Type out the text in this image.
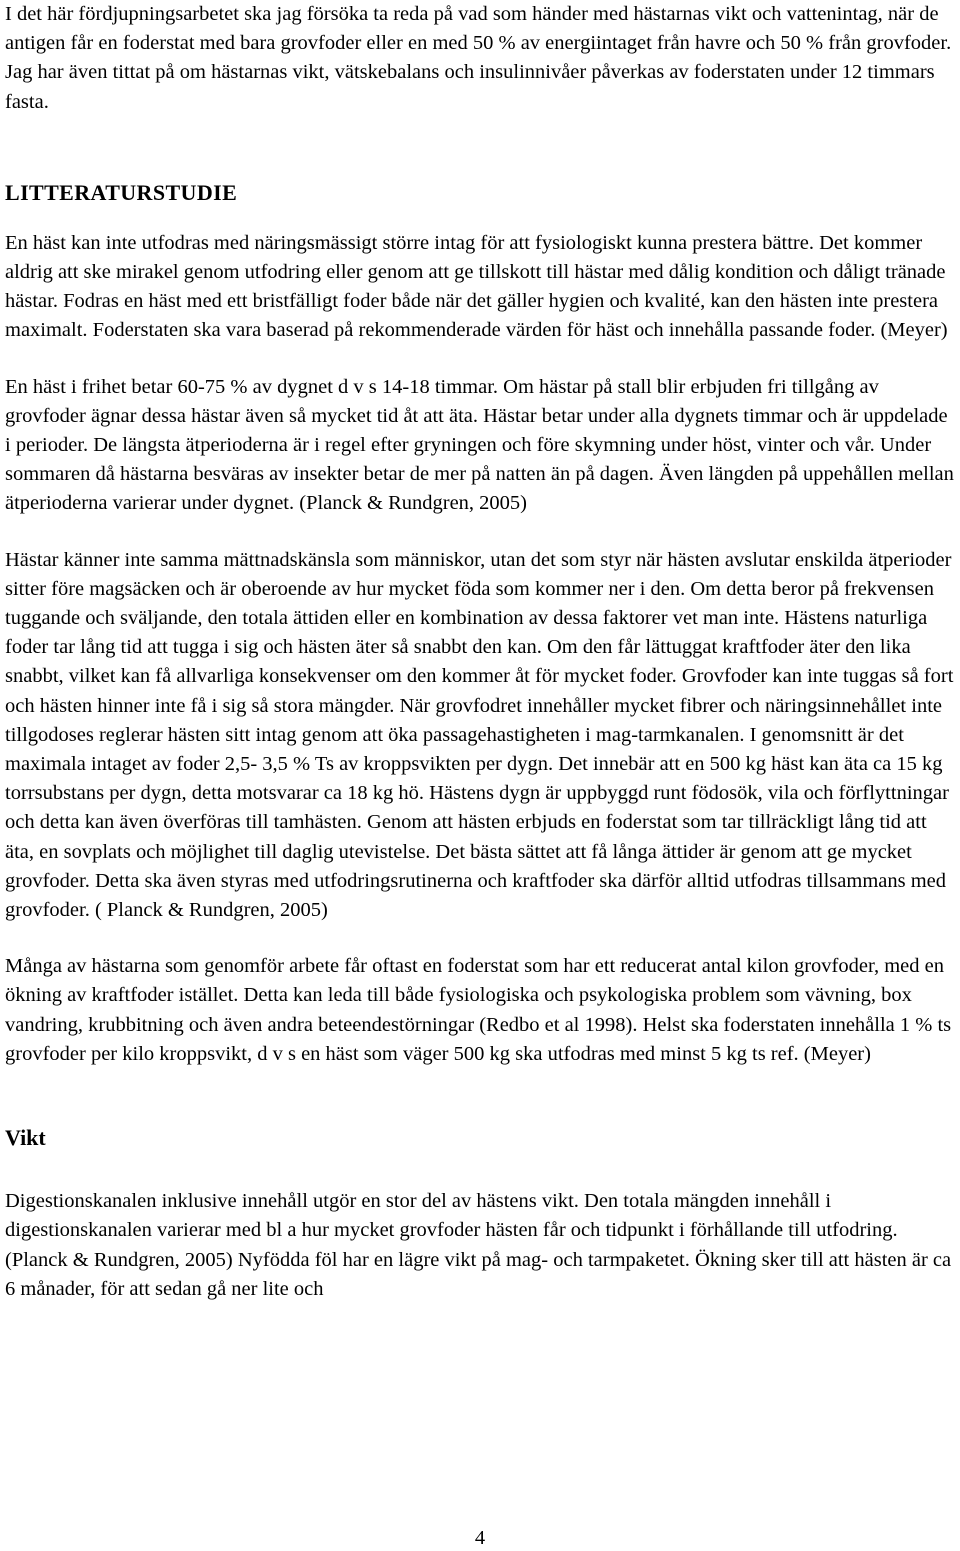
I det här fördjupningsarbetet ska jag försöka ta reda på vad som händer med hästarnas vikt och vattenintag, när de antigen får en foderstat med bara grovfoder eller en med 50 % av energiintaget från havre och 50 % från grovfoder. Jag har även tittat på om hästarnas vikt, vätskebalans och insulinnivåer påverkas av foderstaten under 12 timmars fasta.

LITTERATURSTUDIE

En häst kan inte utfodras med näringsmässigt större intag för att fysiologiskt kunna prestera bättre. Det kommer aldrig att ske mirakel genom utfodring eller genom att ge tillskott till hästar med dålig kondition och dåligt tränade hästar. Fodras en häst med ett bristfälligt foder både när det gäller hygien och kvalité, kan den hästen inte prestera maximalt. Foderstaten ska vara baserad på rekommenderade värden för häst och innehålla passande foder. (Meyer)

En häst i frihet betar 60-75 % av dygnet d v s 14-18 timmar. Om hästar på stall blir erbjuden fri tillgång av grovfoder ägnar dessa hästar även så mycket tid åt att äta. Hästar betar under alla dygnets timmar och är uppdelade i perioder. De längsta ätperioderna är i regel efter gryningen och före skymning under höst, vinter och vår. Under sommaren då hästarna besväras av insekter betar de mer på natten än på dagen. Även längden på uppehållen mellan ätperioderna varierar under dygnet. (Planck & Rundgren, 2005)

Hästar känner inte samma mättnadskänsla som människor, utan det som styr när hästen avslutar enskilda ätperioder sitter före magsäcken och är oberoende av hur mycket föda som kommer ner i den. Om detta beror på frekvensen tuggande och sväljande, den totala ättiden eller en kombination av dessa faktorer vet man inte. Hästens naturliga foder tar lång tid att tugga i sig och hästen äter så snabbt den kan. Om den får lättuggat kraftfoder äter den lika snabbt, vilket kan få allvarliga konsekvenser om den kommer åt för mycket foder. Grovfoder kan inte tuggas så fort och hästen hinner inte få i sig så stora mängder. När grovfodret innehåller mycket fibrer och näringsinnehållet inte tillgodoses reglerar hästen sitt intag genom att öka passagehastigheten i mag-tarmkanalen. I genomsnitt är det maximala intaget av foder 2,5- 3,5 % Ts av kroppsvikten per dygn. Det innebär att en 500 kg häst kan äta ca 15 kg torrsubstans per dygn, detta motsvarar ca 18 kg hö. Hästens dygn är uppbyggd runt födosök, vila och förflyttningar och detta kan även överföras till tamhästen. Genom att hästen erbjuds en foderstat som tar tillräckligt lång tid att äta, en sovplats och möjlighet till daglig utevistelse. Det bästa sättet att få långa ättider är genom att ge mycket grovfoder. Detta ska även styras med utfodringsrutinerna och kraftfoder ska därför alltid utfodras tillsammans med grovfoder. ( Planck & Rundgren, 2005)

Många av hästarna som genomför arbete får oftast en foderstat som har ett reducerat antal kilon grovfoder, med en ökning av kraftfoder istället. Detta kan leda till både fysiologiska och psykologiska problem som vävning, box vandring, krubbitning och även andra beteendestörningar (Redbo et al 1998). Helst ska foderstaten innehålla 1 % ts grovfoder per kilo kroppsvikt, d v s en häst som väger 500 kg ska utfodras med minst 5 kg ts ref. (Meyer)

Vikt

Digestionskanalen inklusive innehåll utgör en stor del av hästens vikt. Den totala mängden innehåll i digestionskanalen varierar med bl a hur mycket grovfoder hästen får och tidpunkt i förhållande till utfodring. (Planck & Rundgren, 2005) Nyfödda föl har en lägre vikt på mag- och tarmpaketet. Ökning sker till att hästen är ca 6 månader, för att sedan gå ner lite och

4
